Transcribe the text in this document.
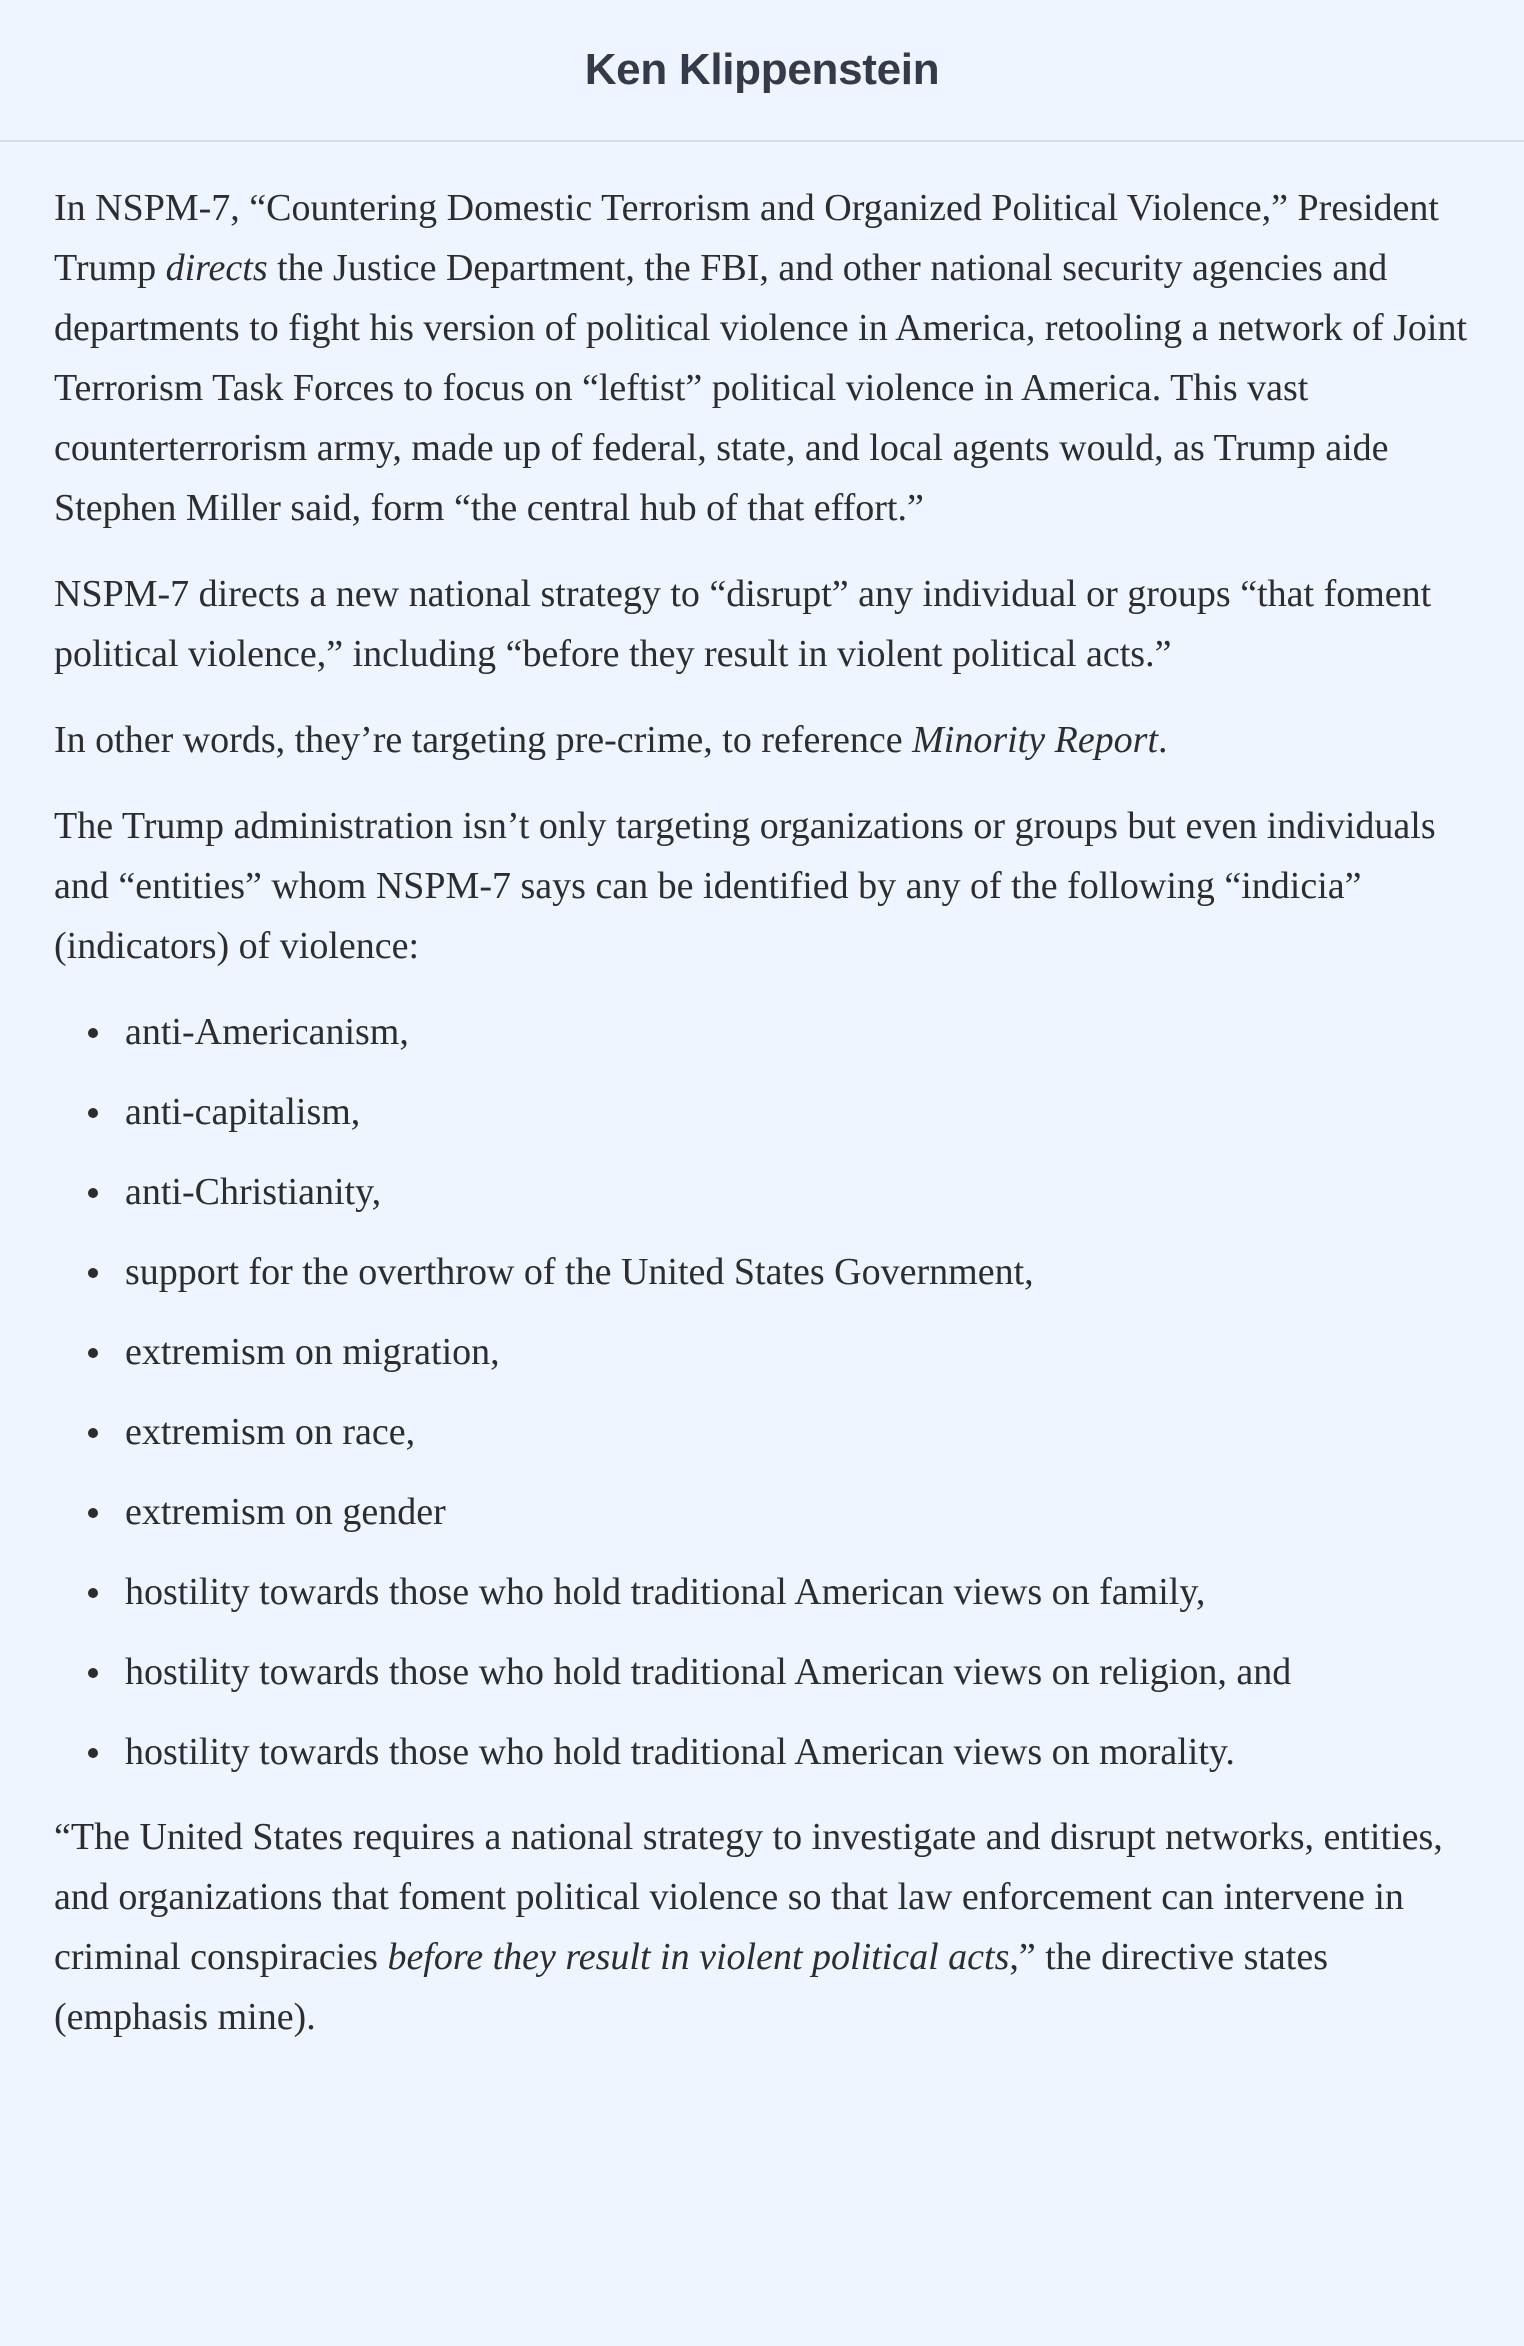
Ken Klippenstein

In NSPM-7, “Countering Domestic Terrorism and Organized Political Violence,” President Trump directs the Justice Department, the FBI, and other national security agencies and departments to fight his version of political violence in America, retooling a network of Joint Terrorism Task Forces to focus on “leftist” political violence in America. This vast counterterrorism army, made up of federal, state, and local agents would, as Trump aide Stephen Miller said, form “the central hub of that effort.”

NSPM-7 directs a new national strategy to “disrupt” any individual or groups “that foment political violence,” including “before they result in violent political acts.”

In other words, they’re targeting pre-crime, to reference Minority Report.

The Trump administration isn’t only targeting organizations or groups but even individuals and “entities” whom NSPM-7 says can be identified by any of the following “indicia” (indicators) of violence:

anti-Americanism,
anti-capitalism,
anti-Christianity,
support for the overthrow of the United States Government,
extremism on migration,
extremism on race,
extremism on gender
hostility towards those who hold traditional American views on family,
hostility towards those who hold traditional American views on religion, and
hostility towards those who hold traditional American views on morality.

“The United States requires a national strategy to investigate and disrupt networks, entities, and organizations that foment political violence so that law enforcement can intervene in criminal conspiracies before they result in violent political acts,” the directive states (emphasis mine).
